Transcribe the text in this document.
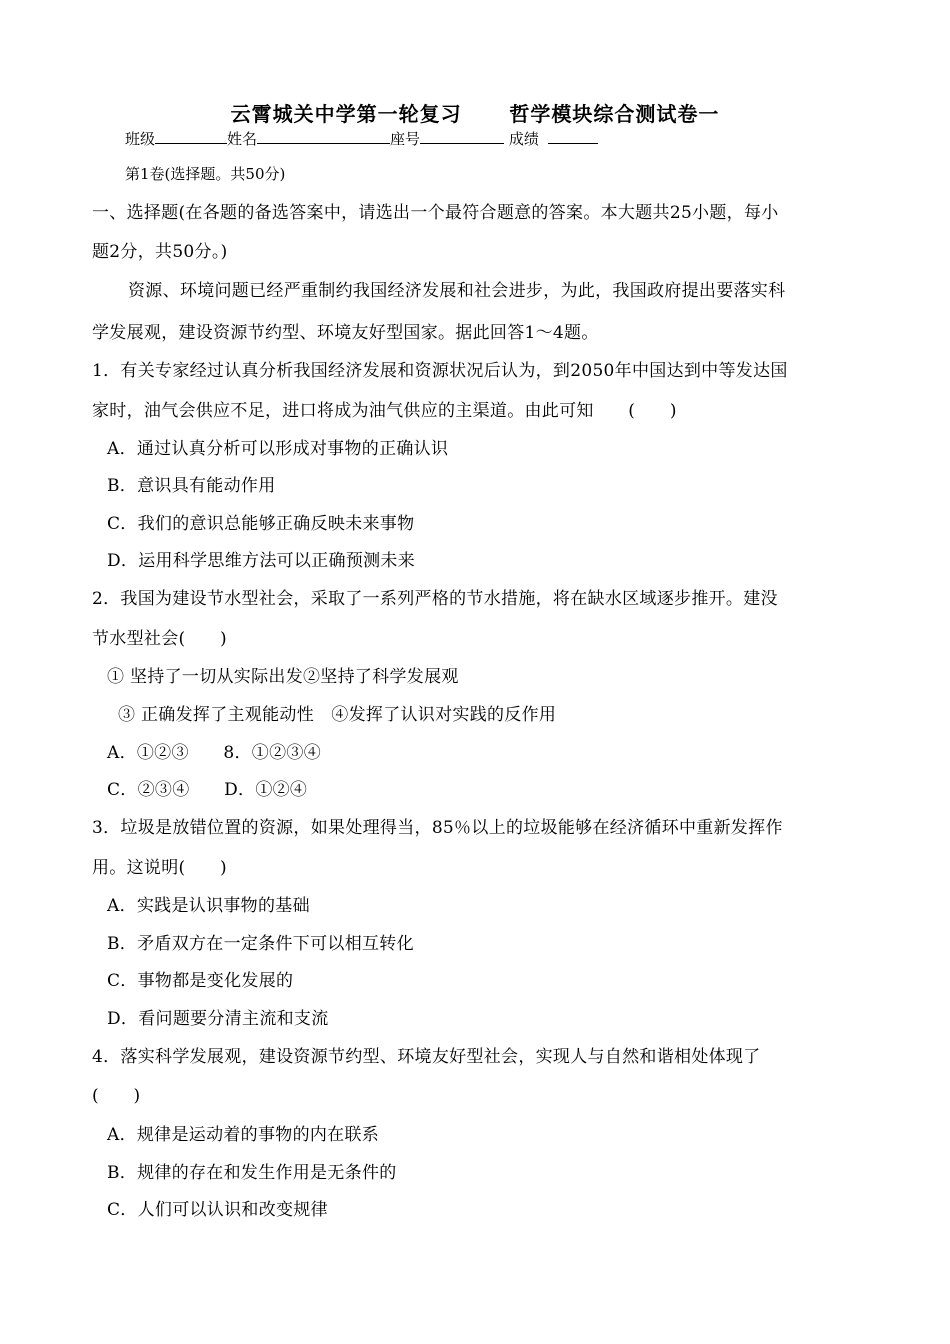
云霄城关中学第一轮复习      哲学模块综合测试卷一
班级	姓名	座号	成绩
第1卷(选择题。共50分)
一、选择题(在各题的备选答案中，请选出一个最符合题意的答案。本大题共25小题，每小
题2分，共50分。)
资源、环境问题已经严重制约我国经济发展和社会进步，为此，我国政府提出要落实科
学发展观，建设资源节约型、环境友好型国家。据此回答1～4题。
1．有关专家经过认真分析我国经济发展和资源状况后认为，到2050年中国达到中等发达国
家时，油气会供应不足，进口将成为油气供应的主渠道。由此可知　　(　　)
A．通过认真分析可以形成对事物的正确认识
B．意识具有能动作用
C．我们的意识总能够正确反映未来事物
D．运用科学思维方法可以正确预测未来
2．我国为建设节水型社会，采取了一系列严格的节水措施，将在缺水区域逐步推开。建没
节水型社会(　　)
① 坚持了一切从实际出发②坚持了科学发展观
③ 正确发挥了主观能动性　④发挥了认识对实践的反作用
A．①②③　　8．①②③④
C．②③④　　D．①②④
3．垃圾是放错位置的资源，如果处理得当，85％以上的垃圾能够在经济循环中重新发挥作
用。这说明(　　)
A．实践是认识事物的基础
B．矛盾双方在一定条件下可以相互转化
C．事物都是变化发展的
D．看问题要分清主流和支流
4．落实科学发展观，建设资源节约型、环境友好型社会，实现人与自然和谐相处体现了
(　　)
A．规律是运动着的事物的内在联系
B．规律的存在和发生作用是无条件的
C．人们可以认识和改变规律
